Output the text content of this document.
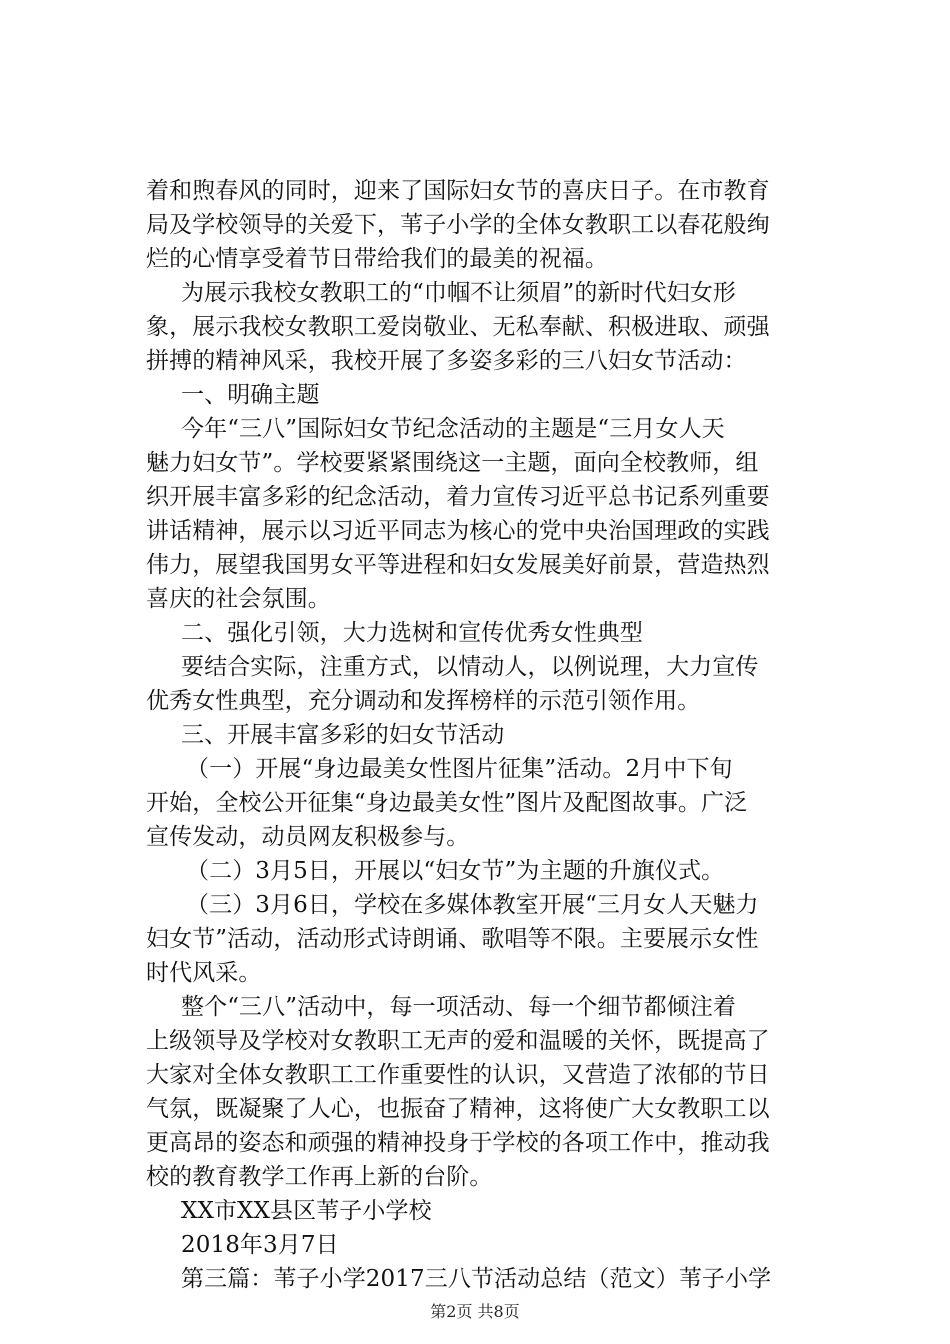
着和煦春风的同时，迎来了国际妇女节的喜庆日子。在市教育
局及学校领导的关爱下，苇子小学的全体女教职工以春花般绚
烂的心情享受着节日带给我们的最美的祝福。
为展示我校女教职工的“巾帼不让须眉”的新时代妇女形
象，展示我校女教职工爱岗敬业、无私奉献、积极进取、顽强
拼搏的精神风采，我校开展了多姿多彩的三八妇女节活动：
一、明确主题
今年“三八”国际妇女节纪念活动的主题是“三月女人天
魅力妇女节”。学校要紧紧围绕这一主题，面向全校教师，组
织开展丰富多彩的纪念活动，着力宣传习近平总书记系列重要
讲话精神，展示以习近平同志为核心的党中央治国理政的实践
伟力，展望我国男女平等进程和妇女发展美好前景，营造热烈
喜庆的社会氛围。
二、强化引领，大力选树和宣传优秀女性典型
要结合实际，注重方式，以情动人，以例说理，大力宣传
优秀女性典型，充分调动和发挥榜样的示范引领作用。
三、开展丰富多彩的妇女节活动
（一）开展“身边最美女性图片征集”活动。2月中下旬
开始，全校公开征集“身边最美女性”图片及配图故事。广泛
宣传发动，动员网友积极参与。
（二）3月5日，开展以“妇女节”为主题的升旗仪式。
（三）3月6日，学校在多媒体教室开展“三月女人天魅力
妇女节”活动，活动形式诗朗诵、歌唱等不限。主要展示女性
时代风采。
整个“三八”活动中，每一项活动、每一个细节都倾注着
上级领导及学校对女教职工无声的爱和温暖的关怀，既提高了
大家对全体女教职工工作重要性的认识，又营造了浓郁的节日
气氛，既凝聚了人心，也振奋了精神，这将使广大女教职工以
更高昂的姿态和顽强的精神投身于学校的各项工作中，推动我
校的教育教学工作再上新的台阶。
XX市XX县区苇子小学校
2018年3月7日
第三篇：苇子小学2017三八节活动总结（范文）苇子小学
第2页 共8页
